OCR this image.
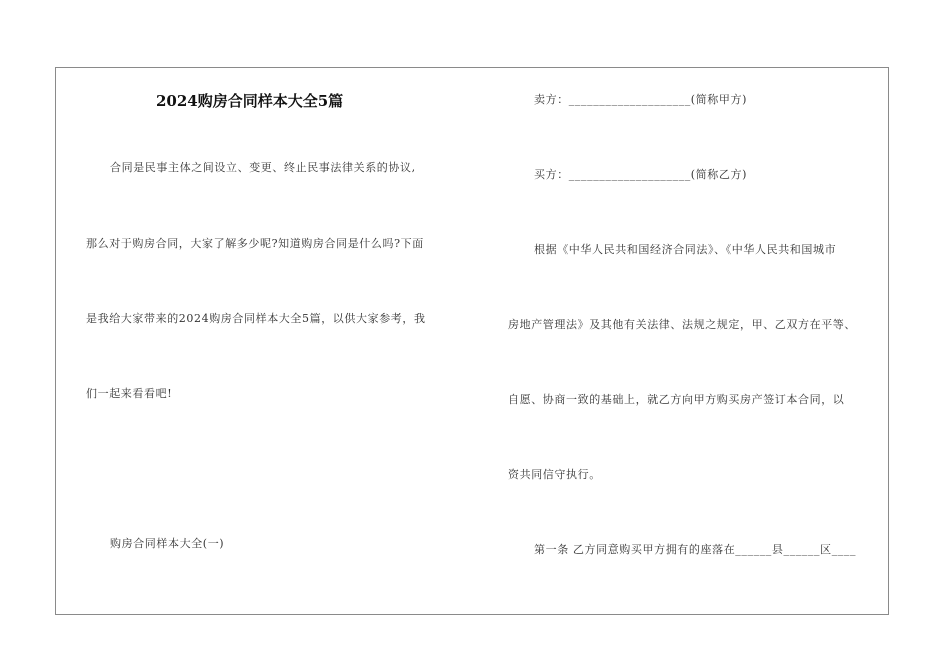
2024购房合同样本大全5篇
合同是民事主体之间设立、变更、终止民事法律关系的协议,
那么对于购房合同，大家了解多少呢?知道购房合同是什么吗?下面
是我给大家带来的2024购房合同样本大全5篇，以供大家参考，我
们一起来看看吧!
购房合同样本大全(一)
卖方：____________________(简称甲方)
买方：____________________(简称乙方)
根据《中华人民共和国经济合同法》、《中华人民共和国城市
房地产管理法》及其他有关法律、法规之规定，甲、乙双方在平等、
自愿、协商一致的基础上，就乙方向甲方购买房产签订本合同，以
资共同信守执行。
第一条 乙方同意购买甲方拥有的座落在______县______区____
